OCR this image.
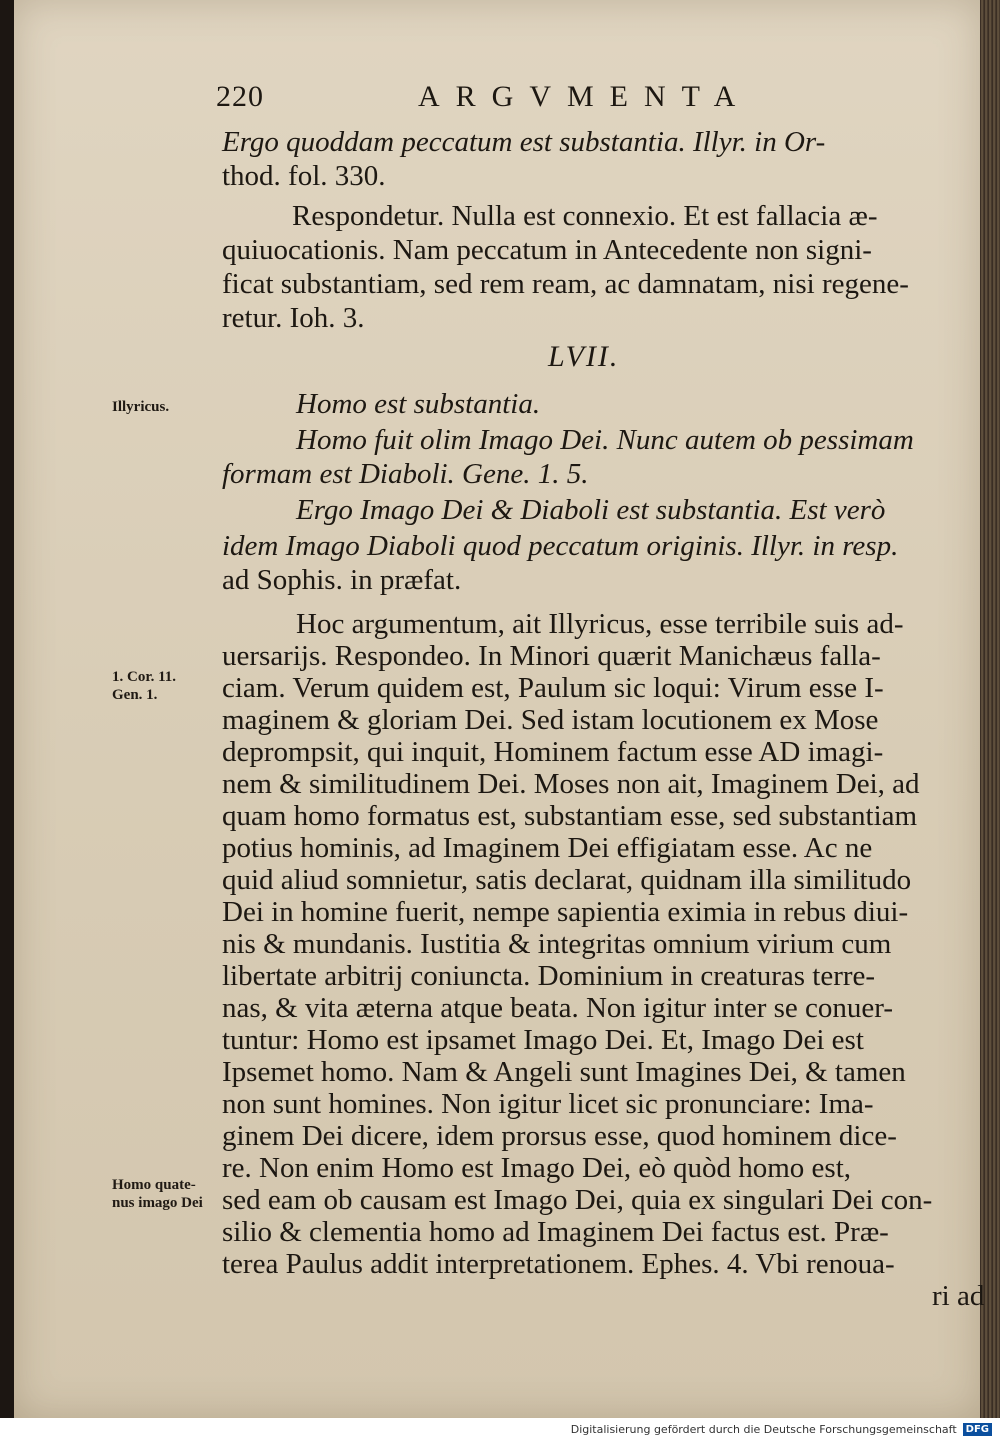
220	ARGVMENTA
Ergo quoddam peccatum est substantia. Illyr. in Or-
thod. fol. 330.
Respondetur. Nulla est connexio. Et est fallacia æ-
quiuocationis. Nam peccatum in Antecedente non signi-
ficat substantiam, sed rem ream, ac damnatam, nisi regene-
retur. Ioh. 3.
Homo est substantia.
Homo fuit olim Imago Dei. Nunc autem ob pessimam
formam est Diaboli. Gene. 1. 5.
Ergo Imago Dei & Diaboli est substantia. Est verò
idem Imago Diaboli quod peccatum originis. Illyr. in resp.
ad Sophis. in præfat.
Hoc argumentum, ait Illyricus, esse terribile suis ad-
uersarijs. Respondeo. In Minori quærit Manichæus falla-
ciam. Verum quidem est, Paulum sic loqui: Virum esse I-
maginem & gloriam Dei. Sed istam locutionem ex Mose
deprompsit, qui inquit, Hominem factum esse AD imagi-
nem & similitudinem Dei. Moses non ait, Imaginem Dei, ad
quam homo formatus est, substantiam esse, sed substantiam
potius hominis, ad Imaginem Dei effigiatam esse. Ac ne
quid aliud somnietur, satis declarat, quidnam illa similitudo
Dei in homine fuerit, nempe sapientia eximia in rebus diui-
nis & mundanis. Iustitia & integritas omnium virium cum
libertate arbitrij coniuncta. Dominium in creaturas terre-
nas, & vita æterna atque beata. Non igitur inter se conuer-
tuntur: Homo est ipsamet Imago Dei. Et, Imago Dei est
Ipsemet homo. Nam & Angeli sunt Imagines Dei, & tamen
non sunt homines. Non igitur licet sic pronunciare: Ima-
ginem Dei dicere, idem prorsus esse, quod hominem dice-
re. Non enim Homo est Imago Dei, eò quòd homo est,
sed eam ob causam est Imago Dei, quia ex singulari Dei con-
silio & clementia homo ad Imaginem Dei factus est. Præ-
terea Paulus addit interpretationem. Ephes. 4. Vbi renoua-
ri ad
LVII.
Illyricus.
1. Cor. 11.
Gen. 1.
Homo quate-
nus imago Dei
Digitalisierung gefördert durch die Deutsche Forschungsgemeinschaft DFG
